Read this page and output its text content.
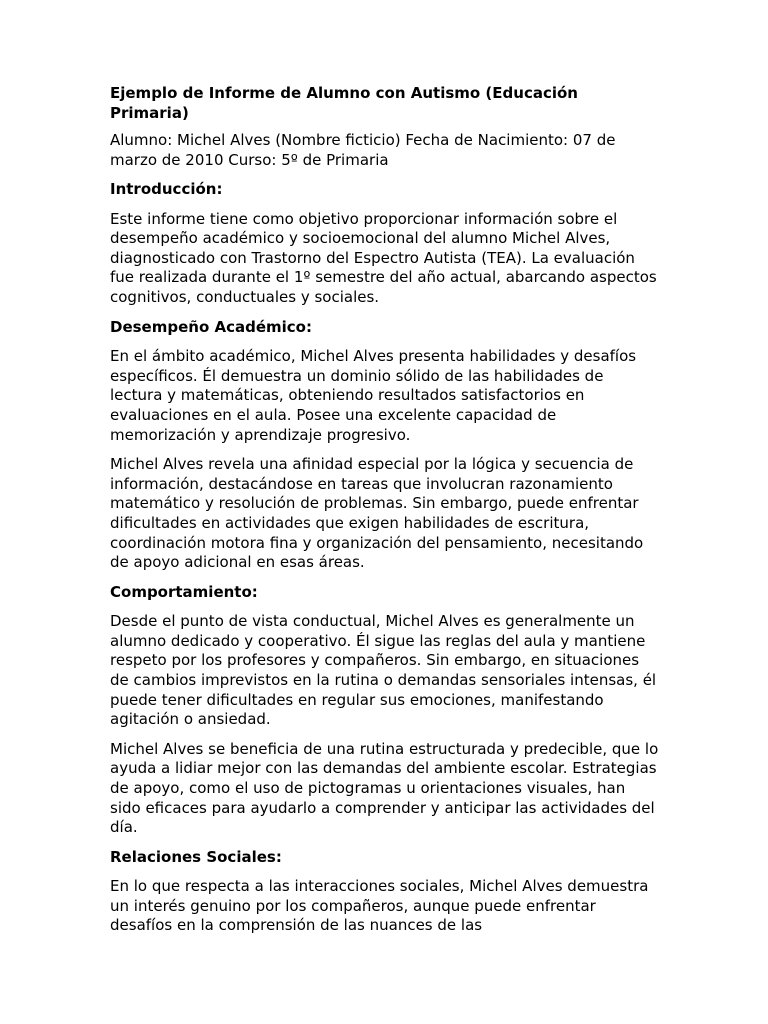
Ejemplo de Informe de Alumno con Autismo (Educación Primaria)
Alumno: Michel Alves (Nombre ficticio) Fecha de Nacimiento: 07 de marzo de 2010 Curso: 5º de Primaria
Introducción:
Este informe tiene como objetivo proporcionar información sobre el desempeño académico y socioemocional del alumno Michel Alves, diagnosticado con Trastorno del Espectro Autista (TEA). La evaluación fue realizada durante el 1º semestre del año actual, abarcando aspectos cognitivos, conductuales y sociales.
Desempeño Académico:
En el ámbito académico, Michel Alves presenta habilidades y desafíos específicos. Él demuestra un dominio sólido de las habilidades de lectura y matemáticas, obteniendo resultados satisfactorios en evaluaciones en el aula. Posee una excelente capacidad de memorización y aprendizaje progresivo.
Michel Alves revela una afinidad especial por la lógica y secuencia de información, destacándose en tareas que involucran razonamiento matemático y resolución de problemas. Sin embargo, puede enfrentar dificultades en actividades que exigen habilidades de escritura, coordinación motora fina y organización del pensamiento, necesitando de apoyo adicional en esas áreas.
Comportamiento:
Desde el punto de vista conductual, Michel Alves es generalmente un alumno dedicado y cooperativo. Él sigue las reglas del aula y mantiene respeto por los profesores y compañeros. Sin embargo, en situaciones de cambios imprevistos en la rutina o demandas sensoriales intensas, él puede tener dificultades en regular sus emociones, manifestando agitación o ansiedad.
Michel Alves se beneficia de una rutina estructurada y predecible, que lo ayuda a lidiar mejor con las demandas del ambiente escolar. Estrategias de apoyo, como el uso de pictogramas u orientaciones visuales, han sido eficaces para ayudarlo a comprender y anticipar las actividades del día.
Relaciones Sociales:
En lo que respecta a las interacciones sociales, Michel Alves demuestra un interés genuino por los compañeros, aunque puede enfrentar desafíos en la comprensión de las nuances de las
